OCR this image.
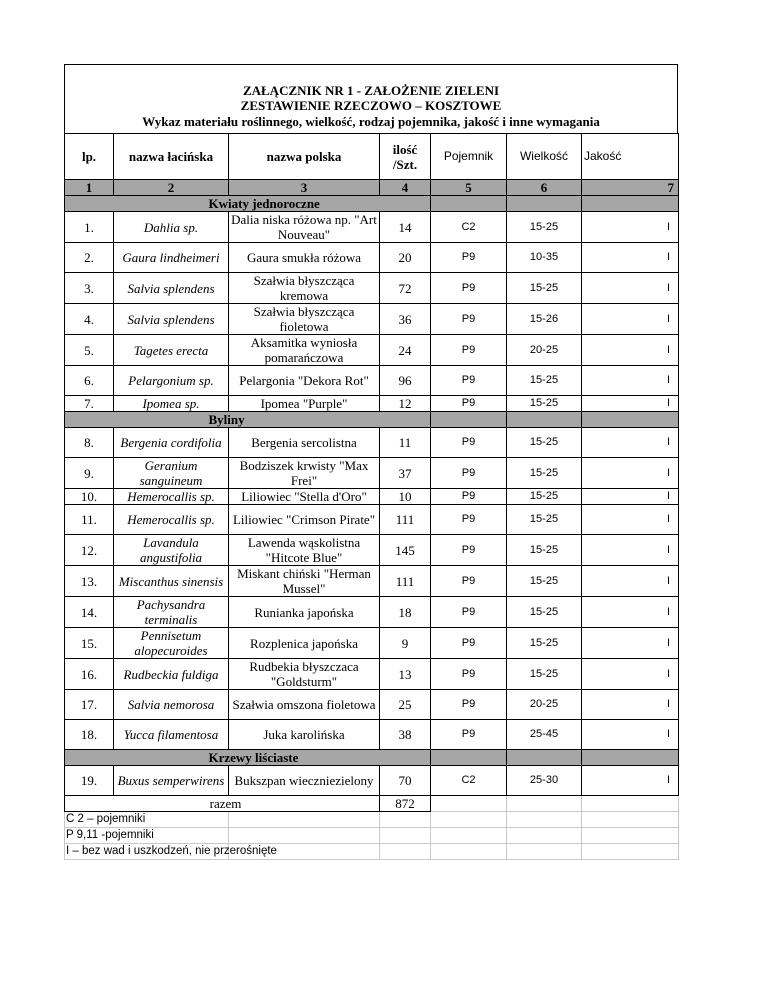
ZAŁĄCZNIK NR 1 - ZAŁOŻENIE ZIELENI
ZESTAWIENIE RZECZOWO – KOSZTOWE
Wykaz materiału roślinnego, wielkość, rodzaj pojemnika, jakość i inne wymagania
lp.	nazwa łacińska	nazwa polska	ilość /Szt.	Pojemnik	Wielkość	Jakość
1	2	3	4	5	6	7
	Kwiaty jednoroczne					
1.	Dahlia sp.	Dalia niska różowa np. "Art Nouveau"	14	C2	15-25	I
2.	Gaura lindheimeri	Gaura smukła różowa	20	P9	10-35	I
3.	Salvia splendens	Szałwia błyszcząca kremowa	72	P9	15-25	I
4.	Salvia splendens	Szałwia błyszcząca fioletowa	36	P9	15-26	I
5.	Tagetes erecta	Aksamitka wyniosła pomarańczowa	24	P9	20-25	I
6.	Pelargonium sp.	Pelargonia "Dekora Rot"	96	P9	15-25	I
7.	Ipomea sp.	Ipomea "Purple"	12	P9	15-25	I
	Byliny					
8.	Bergenia cordifolia	Bergenia sercolistna	11	P9	15-25	I
9.	Geranium sanguineum	Bodziszek krwisty "Max Frei"	37	P9	15-25	I
10.	Hemerocallis sp.	Liliowiec "Stella d'Oro"	10	P9	15-25	I
11.	Hemerocallis sp.	Liliowiec "Crimson Pirate"	111	P9	15-25	I
12.	Lavandula angustifolia	Lawenda wąskolistna "Hitcote Blue"	145	P9	15-25	I
13.	Miscanthus sinensis	Miskant chiński "Herman Mussel"	111	P9	15-25	I
14.	Pachysandra terminalis	Runianka japońska	18	P9	15-25	I
15.	Pennisetum alopecuroides	Rozplenica japońska	9	P9	15-25	I
16.	Rudbeckia fuldiga	Rudbekia błyszczaca "Goldsturm"	13	P9	15-25	I
17.	Salvia nemorosa	Szałwia omszona fioletowa	25	P9	20-25	I
18.	Yucca filamentosa	Juka karolińska	38	P9	25-45	I
	Krzewy liściaste					
19.	Buxus semperwirens	Bukszpan wieczniezielony	70	C2	25-30	I
razem			872			
C 2 – pojemniki						
P 9,11 -pojemniki						
I – bez wad i uszkodzeń, nie przerośnięte						
